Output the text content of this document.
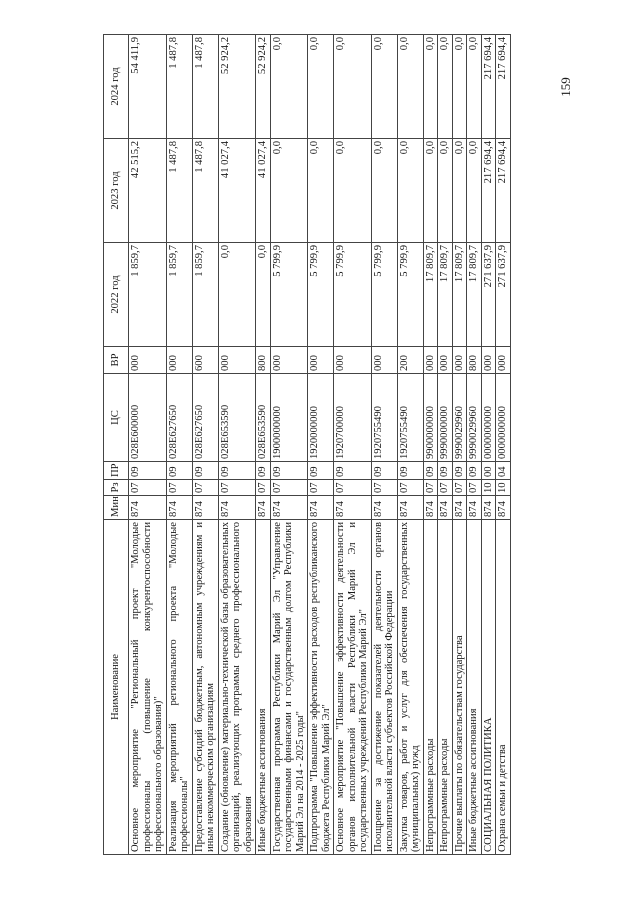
159
Наименование	Мин	Рз	ПР	ЦС	ВР	2022 год	2023 год	2024 год
Основное мероприятие "Региональный проект "Молодые профессионалы (повышение конкурентоспособности профессионального образования)"	874	07	09	028E600000	000	1 859,7	42 515,2	54 411,9
Реализация мероприятий регионального проекта "Молодые профессионалы"	874	07	09	028E627650	000	1 859,7	1 487,8	1 487,8
Предоставление субсидий бюджетным, автономным учреждениям и иным некоммерческим организациям	874	07	09	028E627650	600	1 859,7	1 487,8	1 487,8
Создание (обновление) материально-технической базы образовательных организаций, реализующих программы среднего профессионального образования	874	07	09	028E653590	000	0,0	41 027,4	52 924,2
Иные бюджетные ассигнования	874	07	09	028E653590	800	0,0	41 027,4	52 924,2
Государственная программа Республики Марий Эл "Управление государственными финансами и государственным долгом Республики Марий Эл на 2014 - 2025 годы"	874	07	09	1900000000	000	5 799,9	0,0	0,0
Подпрограмма "Повышение эффективности расходов республиканского бюджета Республики Марий Эл"	874	07	09	1920000000	000	5 799,9	0,0	0,0
Основное мероприятие "Повышение эффективности деятельности органов исполнительной власти Республики Марий Эл и государственных учреждений Республики Марий Эл"	874	07	09	1920700000	000	5 799,9	0,0	0,0
Поощрение за достижение показателей деятельности органов исполнительной власти субъектов Российской Федерации	874	07	09	1920755490	000	5 799,9	0,0	0,0
Закупка товаров, работ и услуг для обеспечения государственных (муниципальных) нужд	874	07	09	1920755490	200	5 799,9	0,0	0,0
Непрограммные расходы	874	07	09	9900000000	000	17 809,7	0,0	0,0
Непрограммные расходы	874	07	09	9990000000	000	17 809,7	0,0	0,0
Прочие выплаты по обязательствам государства	874	07	09	9990029960	000	17 809,7	0,0	0,0
Иные бюджетные ассигнования	874	07	09	9990029960	800	17 809,7	0,0	0,0
СОЦИАЛЬНАЯ ПОЛИТИКА	874	10	00	0000000000	000	271 637,9	217 694,4	217 694,4
Охрана семьи и детства	874	10	04	0000000000	000	271 637,9	217 694,4	217 694,4
